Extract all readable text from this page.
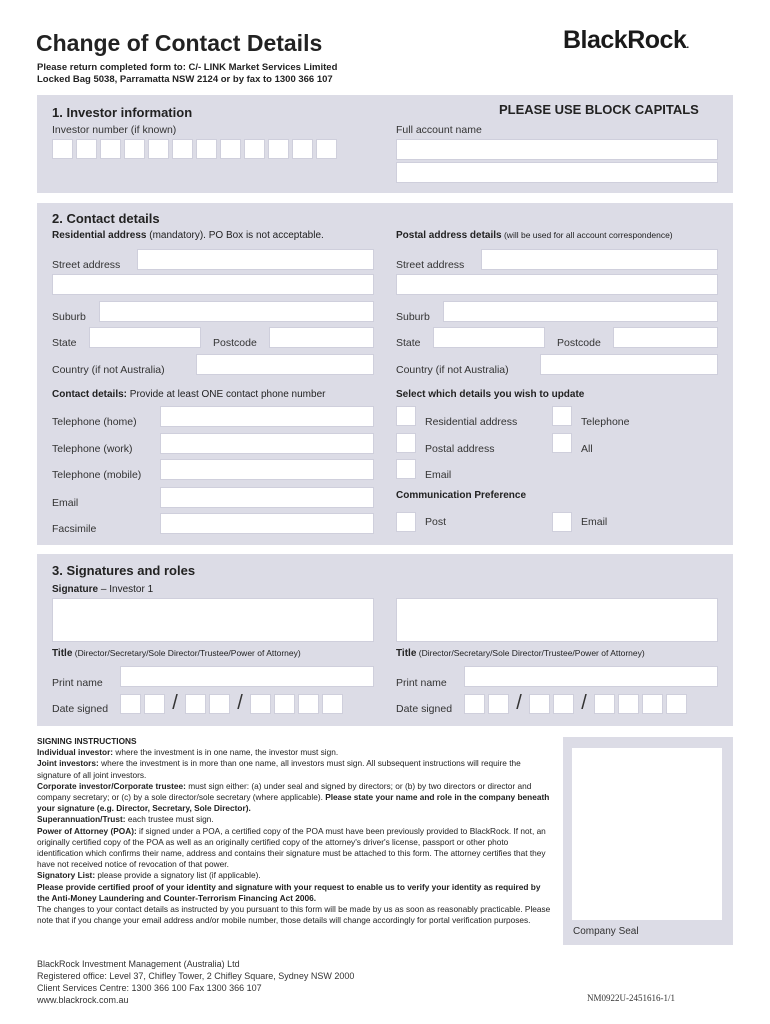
Change of Contact Details	BlackRock.
Please return completed form to: C/- LINK Market Services Limited
Locked Bag 5038, Parramatta NSW 2124 or by fax to 1300 366 107
1. Investor information	PLEASE USE BLOCK CAPITALS
Investor number (if known)	Full account name
2. Contact details
Residential address (mandatory). PO Box is not acceptable.	Postal address details (will be used for all account correspondence)
Street address
Suburb
State	Postcode
Country (if not Australia)
Street address
Suburb
State	Postcode
Country (if not Australia)
Contact details: Provide at least ONE contact phone number
Telephone (home)
Telephone (work)
Telephone (mobile)
Email
Facsimile
Select which details you wish to update
Residential address	Telephone
Postal address	All
Email
Communication Preference
Post	Email
3. Signatures and roles
Signature – Investor 1
Title (Director/Secretary/Sole Director/Trustee/Power of Attorney)	Title (Director/Secretary/Sole Director/Trustee/Power of Attorney)
Print name	Print name
Date signed	/	/	Date signed	/	/

SIGNING INSTRUCTIONS

Individual investor: where the investment is in one name, the investor must sign.

Joint investors: where the investment is in more than one name, all investors must sign. All subsequent instructions will require the signature of all joint investors.

Corporate investor/Corporate trustee: must sign either: (a) under seal and signed by directors; or (b) by two directors or director and company secretary; or (c) by a sole director/sole secretary (where applicable). Please state your name and role in the company beneath your signature (e.g. Director, Secretary, Sole Director).

Superannuation/Trust: each trustee must sign.

Power of Attorney (POA): if signed under a POA, a certified copy of the POA must have been previously provided to BlackRock. If not, an originally certified copy of the POA as well as an originally certified copy of the attorney's driver's license, passport or other photo identification which confirms their name, address and contains their signature must be attached to this form. The attorney certifies that they have not received notice of revocation of that power.

Signatory List: please provide a signatory list (if applicable).

Please provide certified proof of your identity and signature with your request to enable us to verify your identity as required by the Anti-Money Laundering and Counter-Terrorism Financing Act 2006.

The changes to your contact details as instructed by you pursuant to this form will be made by us as soon as reasonably practicable. Please note that if you change your email address and/or mobile number, those details will change accordingly for portal verification purposes.

Company Seal
BlackRock Investment Management (Australia) Ltd
Registered office: Level 37, Chifley Tower, 2 Chifley Square, Sydney NSW 2000
Client Services Centre: 1300 366 100 Fax 1300 366 107
www.blackrock.com.au	NM0922U-2451616-1/1
